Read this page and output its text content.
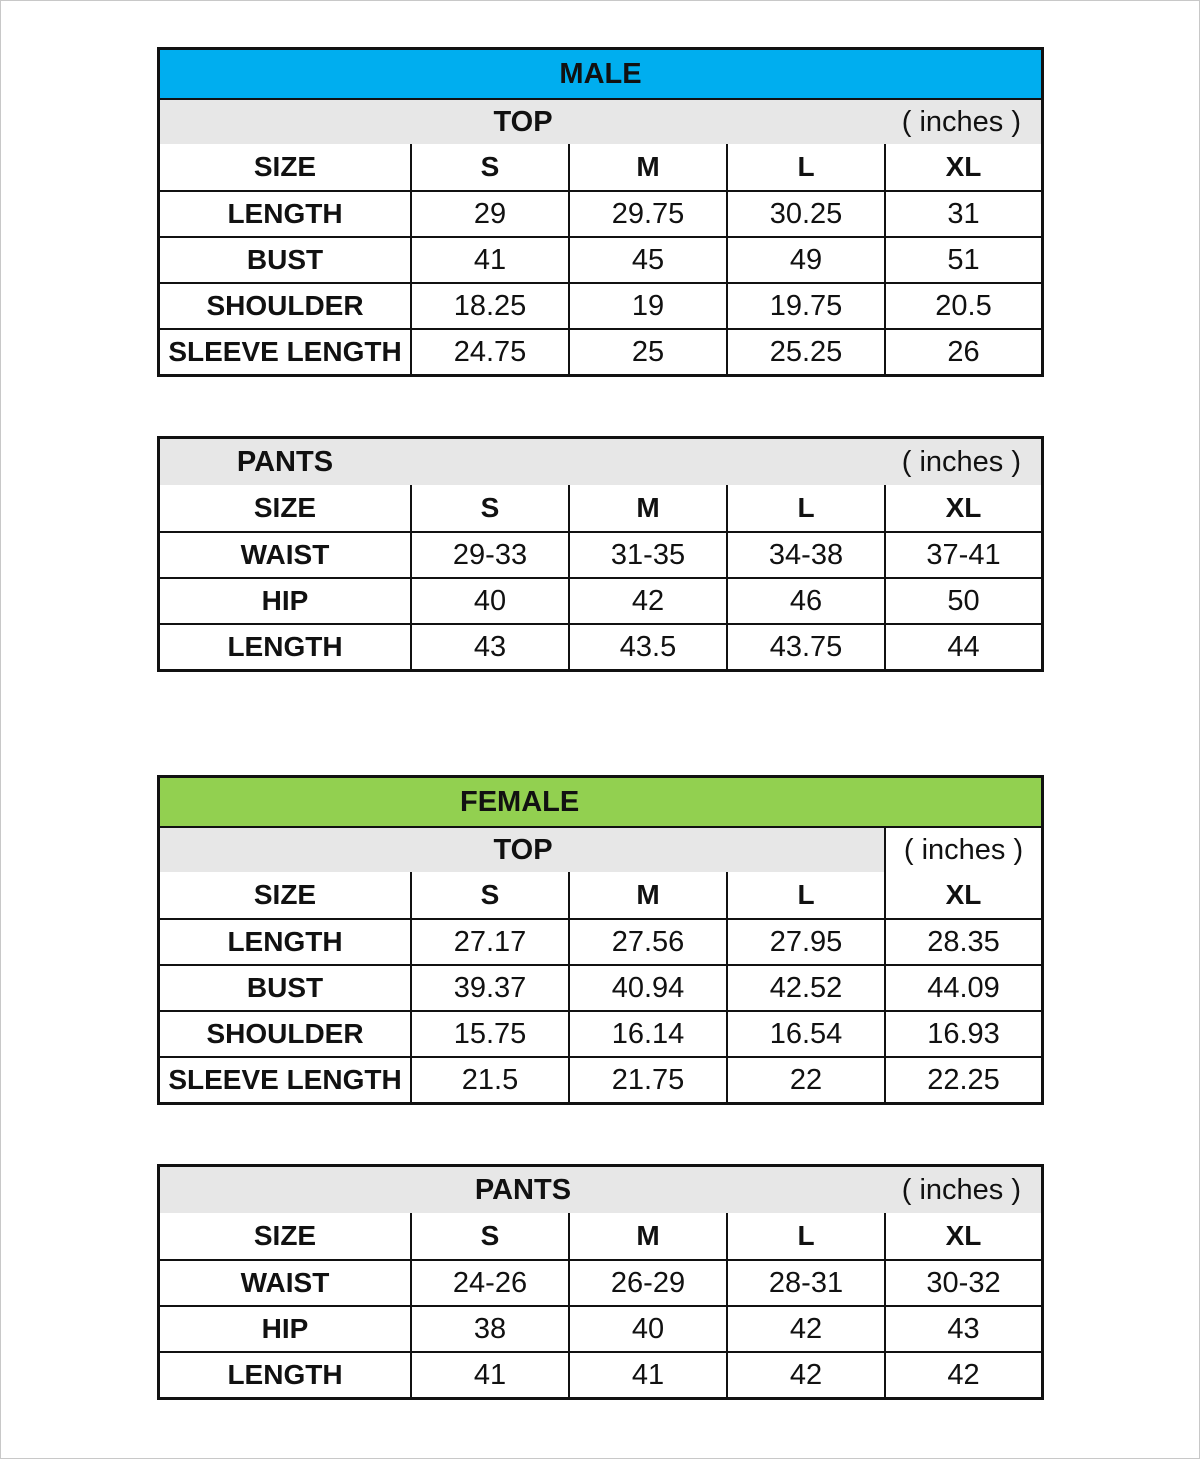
MALE
TOP	( inches )
SIZE	S	M	L	XL
LENGTH	29	29.75	30.25	31
BUST	41	45	49	51
SHOULDER	18.25	19	19.75	20.5
SLEEVE LENGTH	24.75	25	25.25	26
PANTS	( inches )
SIZE	S	M	L	XL
WAIST	29-33	31-35	34-38	37-41
HIP	40	42	46	50
LENGTH	43	43.5	43.75	44
FEMALE
TOP	( inches )
SIZE	S	M	L	XL
LENGTH	27.17	27.56	27.95	28.35
BUST	39.37	40.94	42.52	44.09
SHOULDER	15.75	16.14	16.54	16.93
SLEEVE LENGTH	21.5	21.75	22	22.25
PANTS	( inches )
SIZE	S	M	L	XL
WAIST	24-26	26-29	28-31	30-32
HIP	38	40	42	43
LENGTH	41	41	42	42
